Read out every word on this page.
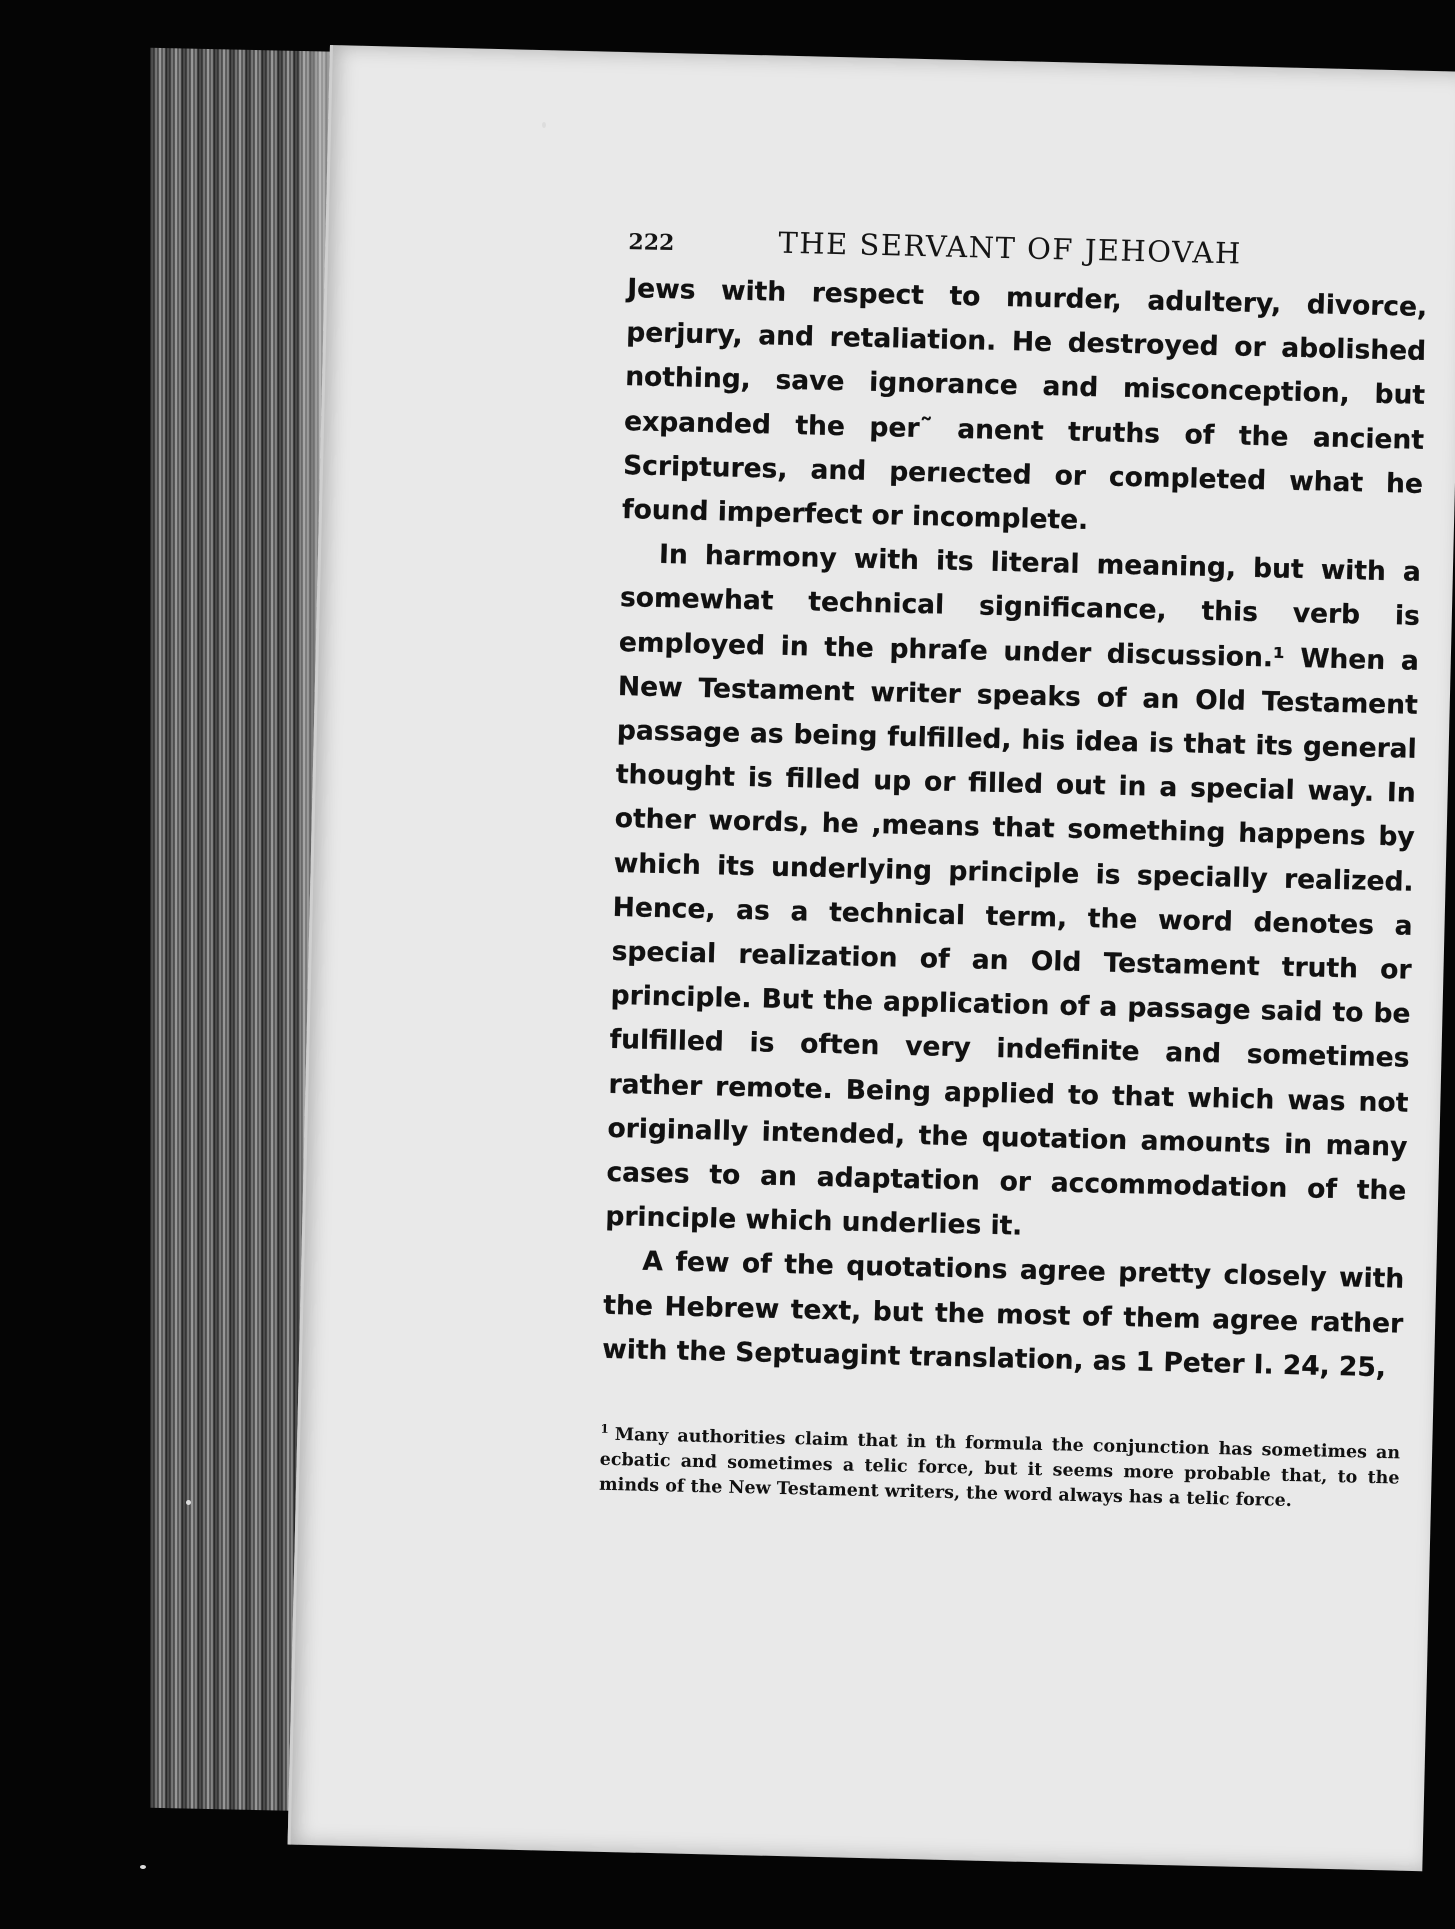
222	THE SERVANT OF JEHOVAH

Jews with respect to murder, adultery, divorce, perjury, and retaliation. He destroyed or abolished nothing, save ignorance and misconception, but expanded the per˜ anent truths of the ancient Scriptures, and perıected or completed what he found imperfect or incomplete.

In harmony with its literal meaning, but with a somewhat technical significance, this verb is employed in the phraſe under discussion.¹ When a New Testament writer speaks of an Old Testament passage as being fulfilled, his idea is that its general thought is filled up or filled out in a special way. In other words, he ,means that something happens by which its underlying principle is specially realized. Hence, as a technical term, the word denotes a special realization of an Old Testament truth or principle. But the application of a passage said to be fulfilled is often very indefinite and sometimes rather remote. Being applied to that which was not originally intended, the quotation amounts in many cases to an adaptation or accommodation of the principle which underlies it.

A few of the quotations agree pretty closely with the Hebrew text, but the most of them agree rather with the Septuagint translation, as 1 Peter I. 24, 25,

$^1$ Many authorities claim that in th formula the conjunction has sometimes an ecbatic and sometimes a telic force, but it seems more probable that, to the minds of the New Testament writers, the word always has a telic force.
